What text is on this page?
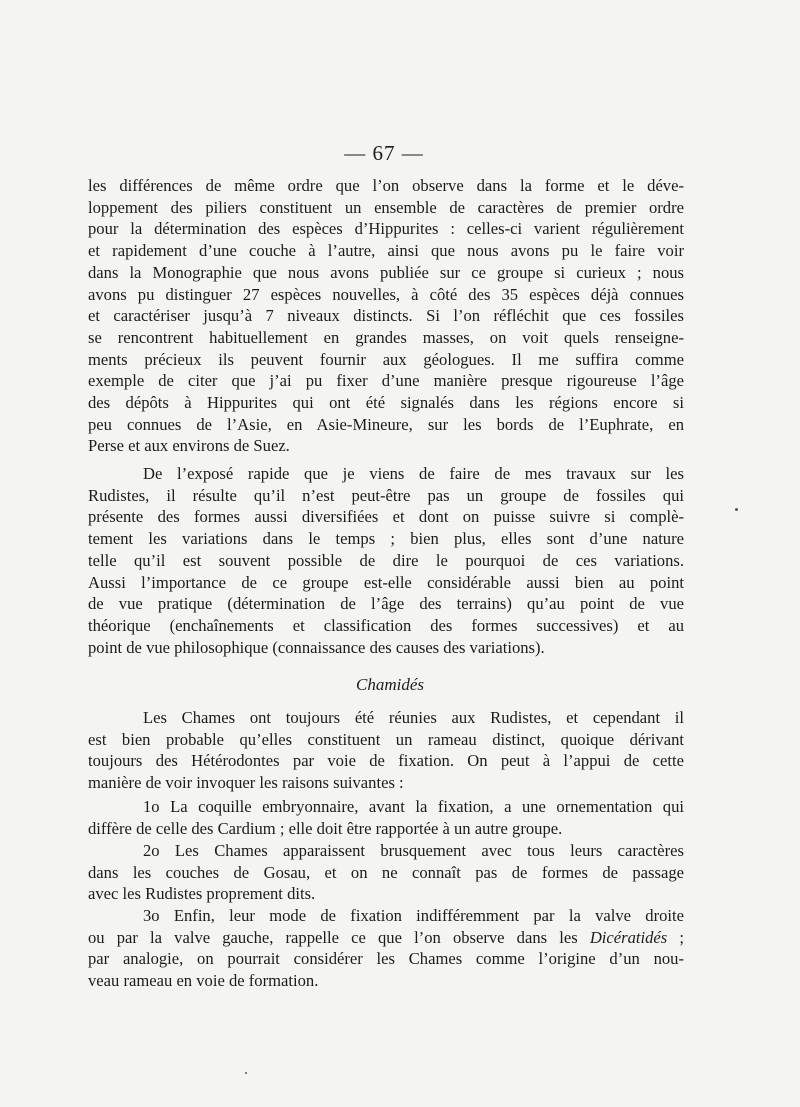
— 67 —
les différences de même ordre que l’on observe dans la forme et le déve-
loppement des piliers constituent un ensemble de caractères de premier ordre
pour la détermination des espèces d’Hippurites : celles-ci varient régulièrement
et rapidement d’une couche à l’autre, ainsi que nous avons pu le faire voir
dans la Monographie que nous avons publiée sur ce groupe si curieux ; nous
avons pu distinguer 27 espèces nouvelles, à côté des 35 espèces déjà connues
et caractériser jusqu’à 7 niveaux distincts. Si l’on réfléchit que ces fossiles
se rencontrent habituellement en grandes masses, on voit quels renseigne-
ments précieux ils peuvent fournir aux géologues. Il me suffira comme
exemple de citer que j’ai pu fixer d’une manière presque rigoureuse l’âge
des dépôts à Hippurites qui ont été signalés dans les régions encore si
peu connues de l’Asie, en Asie-Mineure, sur les bords de l’Euphrate, en
Perse et aux environs de Suez.
De l’exposé rapide que je viens de faire de mes travaux sur les
Rudistes, il résulte qu’il n’est peut-être pas un groupe de fossiles qui
présente des formes aussi diversifiées et dont on puisse suivre si complè-
tement les variations dans le temps ; bien plus, elles sont d’une nature
telle qu’il est souvent possible de dire le pourquoi de ces variations.
Aussi l’importance de ce groupe est-elle considérable aussi bien au point
de vue pratique (détermination de l’âge des terrains) qu’au point de vue
théorique (enchaînements et classification des formes successives) et au
point de vue philosophique (connaissance des causes des variations).
Chamidés
Les Chames ont toujours été réunies aux Rudistes, et cependant il
est bien probable qu’elles constituent un rameau distinct, quoique dérivant
toujours des Hétérodontes par voie de fixation. On peut à l’appui de cette
manière de voir invoquer les raisons suivantes :
1o La coquille embryonnaire, avant la fixation, a une ornementation qui
diffère de celle des Cardium ; elle doit être rapportée à un autre groupe.
2o Les Chames apparaissent brusquement avec tous leurs caractères
dans les couches de Gosau, et on ne connaît pas de formes de passage
avec les Rudistes proprement dits.
3o Enfin, leur mode de fixation indifféremment par la valve droite
ou par la valve gauche, rappelle ce que l’on observe dans les Dicératidés ;
par analogie, on pourrait considérer les Chames comme l’origine d’un nou-
veau rameau en voie de formation.
